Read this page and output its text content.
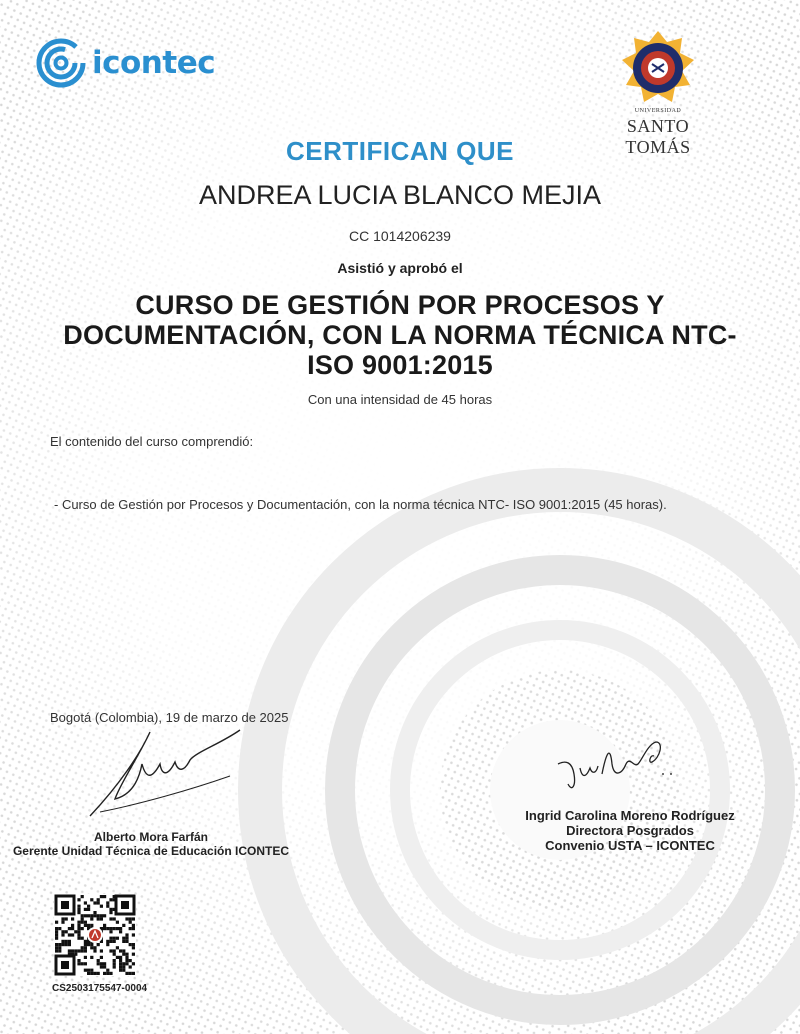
icontec
UNIVERSIDAD
SANTO TOMÁS
CERTIFICAN QUE
ANDREA LUCIA BLANCO MEJIA
CC 1014206239
Asistió y aprobó el
CURSO DE GESTIÓN POR PROCESOS Y DOCUMENTACIÓN, CON LA NORMA TÉCNICA NTC- ISO 9001:2015
Con una intensidad de 45 horas
El contenido del curso comprendió:
- Curso de Gestión por Procesos y Documentación, con la norma técnica NTC- ISO 9001:2015 (45 horas).
Bogotá (Colombia), 19 de marzo de 2025
Alberto Mora Farfán
Gerente Unidad Técnica de Educación ICONTEC
Ingrid Carolina Moreno Rodríguez
Directora Posgrados
Convenio USTA – ICONTEC
CS2503175547-0004
